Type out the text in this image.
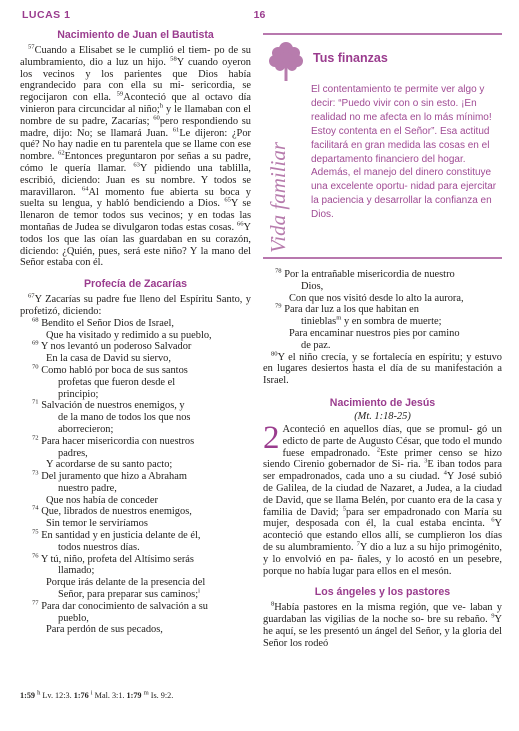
LUCAS 1	16
Nacimiento de Juan el Bautista

$^{57}$Cuando a Elisabet se le cumplió el tiem- po de su alumbramiento, dio a luz un hijo. $^{58}$Y cuando oyeron los vecinos y los parientes que Dios había engrandecido para con ella su mi- sericordia, se regocijaron con ella. $^{59}$Aconteció que al octavo día vinieron para circuncidar al niño;$^h$ y le llamaban con el nombre de su padre, Zacarías; $^{60}$pero respondiendo su madre, dijo: No; se llamará Juan. $^{61}$Le dijeron: ¿Por qué? No hay nadie en tu parentela que se llame con ese nombre. $^{62}$Entonces preguntaron por señas a su padre, cómo le quería llamar. $^{63}$Y pidiendo una tablilla, escribió, diciendo: Juan es su nombre. Y todos se maravillaron. $^{64}$Al momento fue abierta su boca y suelta su lengua, y habló bendiciendo a Dios. $^{65}$Y se llenaron de temor todos sus vecinos; y en todas las montañas de Judea se divulgaron todas estas cosas. $^{66}$Y todos los que las oían las guardaban en su corazón, diciendo: ¿Quién, pues, será este niño? Y la mano del Señor estaba con él.

Profecía de Zacarías

$^{67}$Y Zacarías su padre fue lleno del Espíritu Santo, y profetizó, diciendo:

$^{68}$ Bendito el Señor Dios de Israel,

Que ha visitado y redimido a su pueblo,

$^{69}$ Y nos levantó un poderoso Salvador

En la casa de David su siervo,

$^{70}$ Como habló por boca de sus santos

profetas que fueron desde el

principio;

$^{71}$ Salvación de nuestros enemigos, y

de la mano de todos los que nos

aborrecieron;

$^{72}$ Para hacer misericordia con nuestros

padres,

Y acordarse de su santo pacto;

$^{73}$ Del juramento que hizo a Abraham

nuestro padre,

Que nos había de conceder

$^{74}$ Que, librados de nuestros enemigos,

Sin temor le serviríamos

$^{75}$ En santidad y en justicia delante de él,

todos nuestros días.

$^{76}$ Y tú, niño, profeta del Altísimo serás

llamado;

Porque irás delante de la presencia del

Señor, para preparar sus caminos;$^i$

$^{77}$ Para dar conocimiento de salvación a su

pueblo,

Para perdón de sus pecados,

1:59 $^h$ Lv. 12:3. 1:76 $^i$ Mal. 3:1. 1:79 $^m$ Is. 9:2.
Tus finanzas
Vida familiar
El contentamiento te permite ver algo y decir: “Puedo vivir con o sin esto. ¡En realidad no me afecta en lo más mínimo! Estoy contenta en el Señor”. Esa actitud facilitará en gran medida las cosas en el departamento financiero del hogar. Además, el manejo del dinero constituye una excelente oportu- nidad para ejercitar la paciencia y desarrollar la confianza en Dios.

$^{78}$ Por la entrañable misericordia de nuestro

Dios,

Con que nos visitó desde lo alto la aurora,

$^{79}$ Para dar luz a los que habitan en

tinieblas$^m$ y en sombra de muerte;

Para encaminar nuestros pies por camino

de paz.

$^{80}$Y el niño crecía, y se fortalecía en espíritu; y estuvo en lugares desiertos hasta el día de su manifestación a Israel.

Nacimiento de Jesús

(Mt. 1:18-25)

2 Aconteció en aquellos días, que se promul- gó un edicto de parte de Augusto César, que todo el mundo fuese empadronado. $^2$Este primer censo se hizo siendo Cirenio gobernador de Si- ria. $^3$E iban todos para ser empadronados, cada uno a su ciudad. $^4$Y José subió de Galilea, de la ciudad de Nazaret, a Judea, a la ciudad de David, que se llama Belén, por cuanto era de la casa y familia de David; $^5$para ser empadronado con María su mujer, desposada con él, la cual estaba encinta. $^6$Y aconteció que estando ellos allí, se cumplieron los días de su alumbramiento. $^7$Y dio a luz a su hijo primogénito, y lo envolvió en pa- ñales, y lo acostó en un pesebre, porque no había lugar para ellos en el mesón.

Los ángeles y los pastores

$^8$Había pastores en la misma región, que ve- laban y guardaban las vigilias de la noche so- bre su rebaño. $^9$Y he aquí, se les presentó un ángel del Señor, y la gloria del Señor los rodeó
